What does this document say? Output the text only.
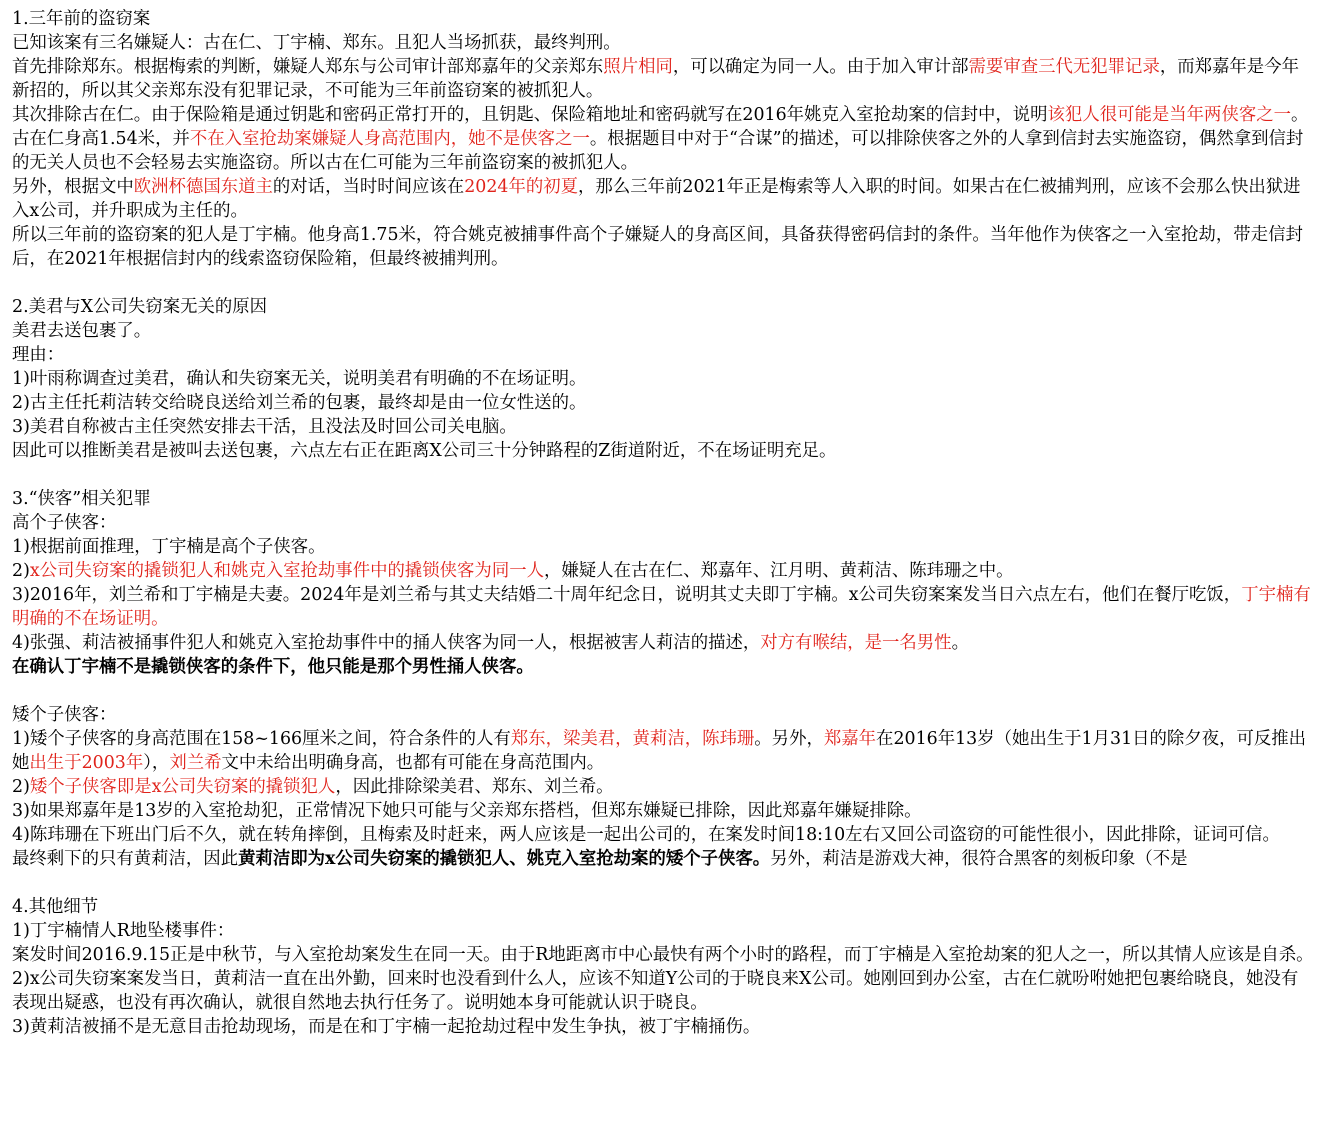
1.三年前的盗窃案
已知该案有三名嫌疑人：古在仁、丁宇楠、郑东。且犯人当场抓获，最终判刑。
首先排除郑东。根据梅索的判断，嫌疑人郑东与公司审计部郑嘉年的父亲郑东照片相同，可以确定为同一人。由于加入审计部需要审查三代无犯罪记录，而郑嘉年是今年新招的，所以其父亲郑东没有犯罪记录，不可能为三年前盗窃案的被抓犯人。
其次排除古在仁。由于保险箱是通过钥匙和密码正常打开的，且钥匙、保险箱地址和密码就写在2016年姚克入室抢劫案的信封中，说明该犯人很可能是当年两侠客之一。古在仁身高1.54米，并不在入室抢劫案嫌疑人身高范围内，她不是侠客之一。根据题目中对于“合谋”的描述，可以排除侠客之外的人拿到信封去实施盗窃，偶然拿到信封的无关人员也不会轻易去实施盗窃。所以古在仁可能为三年前盗窃案的被抓犯人。
另外，根据文中欧洲杯德国东道主的对话，当时时间应该在2024年的初夏，那么三年前2021年正是梅索等人入职的时间。如果古在仁被捕判刑，应该不会那么快出狱进入x公司，并升职成为主任的。
所以三年前的盗窃案的犯人是丁宇楠。他身高1.75米，符合姚克被捕事件高个子嫌疑人的身高区间，具备获得密码信封的条件。当年他作为侠客之一入室抢劫，带走信封后，在2021年根据信封内的线索盗窃保险箱，但最终被捕判刑。
2.美君与X公司失窃案无关的原因
美君去送包裹了。
理由：
1)叶雨称调查过美君，确认和失窃案无关，说明美君有明确的不在场证明。
2)古主任托莉洁转交给晓良送给刘兰希的包裹，最终却是由一位女性送的。
3)美君自称被古主任突然安排去干活，且没法及时回公司关电脑。
因此可以推断美君是被叫去送包裹，六点左右正在距离X公司三十分钟路程的Z街道附近，不在场证明充足。
3.“侠客”相关犯罪
高个子侠客：
1)根据前面推理，丁宇楠是高个子侠客。
2)x公司失窃案的撬锁犯人和姚克入室抢劫事件中的撬锁侠客为同一人，嫌疑人在古在仁、郑嘉年、江月明、黄莉洁、陈玮珊之中。
3)2016年，刘兰希和丁宇楠是夫妻。2024年是刘兰希与其丈夫结婚二十周年纪念日，说明其丈夫即丁宇楠。x公司失窃案案发当日六点左右，他们在餐厅吃饭，丁宇楠有明确的不在场证明。
4)张强、莉洁被捅事件犯人和姚克入室抢劫事件中的捅人侠客为同一人，根据被害人莉洁的描述，对方有喉结，是一名男性。
在确认丁宇楠不是撬锁侠客的条件下，他只能是那个男性捅人侠客。
矮个子侠客：
1)矮个子侠客的身高范围在158~166厘米之间，符合条件的人有郑东，梁美君，黄莉洁，陈玮珊。另外，郑嘉年在2016年13岁（她出生于1月31日的除夕夜，可反推出她出生于2003年），刘兰希文中未给出明确身高，也都有可能在身高范围内。
2)矮个子侠客即是x公司失窃案的撬锁犯人，因此排除梁美君、郑东、刘兰希。
3)如果郑嘉年是13岁的入室抢劫犯，正常情况下她只可能与父亲郑东搭档，但郑东嫌疑已排除，因此郑嘉年嫌疑排除。
4)陈玮珊在下班出门后不久，就在转角摔倒，且梅索及时赶来，两人应该是一起出公司的，在案发时间18:10左右又回公司盗窃的可能性很小，因此排除，证词可信。
最终剩下的只有黄莉洁，因此黄莉洁即为x公司失窃案的撬锁犯人、姚克入室抢劫案的矮个子侠客。另外，莉洁是游戏大神，很符合黑客的刻板印象（不是
4.其他细节
1)丁宇楠情人R地坠楼事件：
案发时间2016.9.15正是中秋节，与入室抢劫案发生在同一天。由于R地距离市中心最快有两个小时的路程，而丁宇楠是入室抢劫案的犯人之一，所以其情人应该是自杀。
2)x公司失窃案案发当日，黄莉洁一直在出外勤，回来时也没看到什么人，应该不知道Y公司的于晓良来X公司。她刚回到办公室，古在仁就吩咐她把包裹给晓良，她没有表现出疑惑，也没有再次确认，就很自然地去执行任务了。说明她本身可能就认识于晓良。
3)黄莉洁被捅不是无意目击抢劫现场，而是在和丁宇楠一起抢劫过程中发生争执，被丁宇楠捅伤。
